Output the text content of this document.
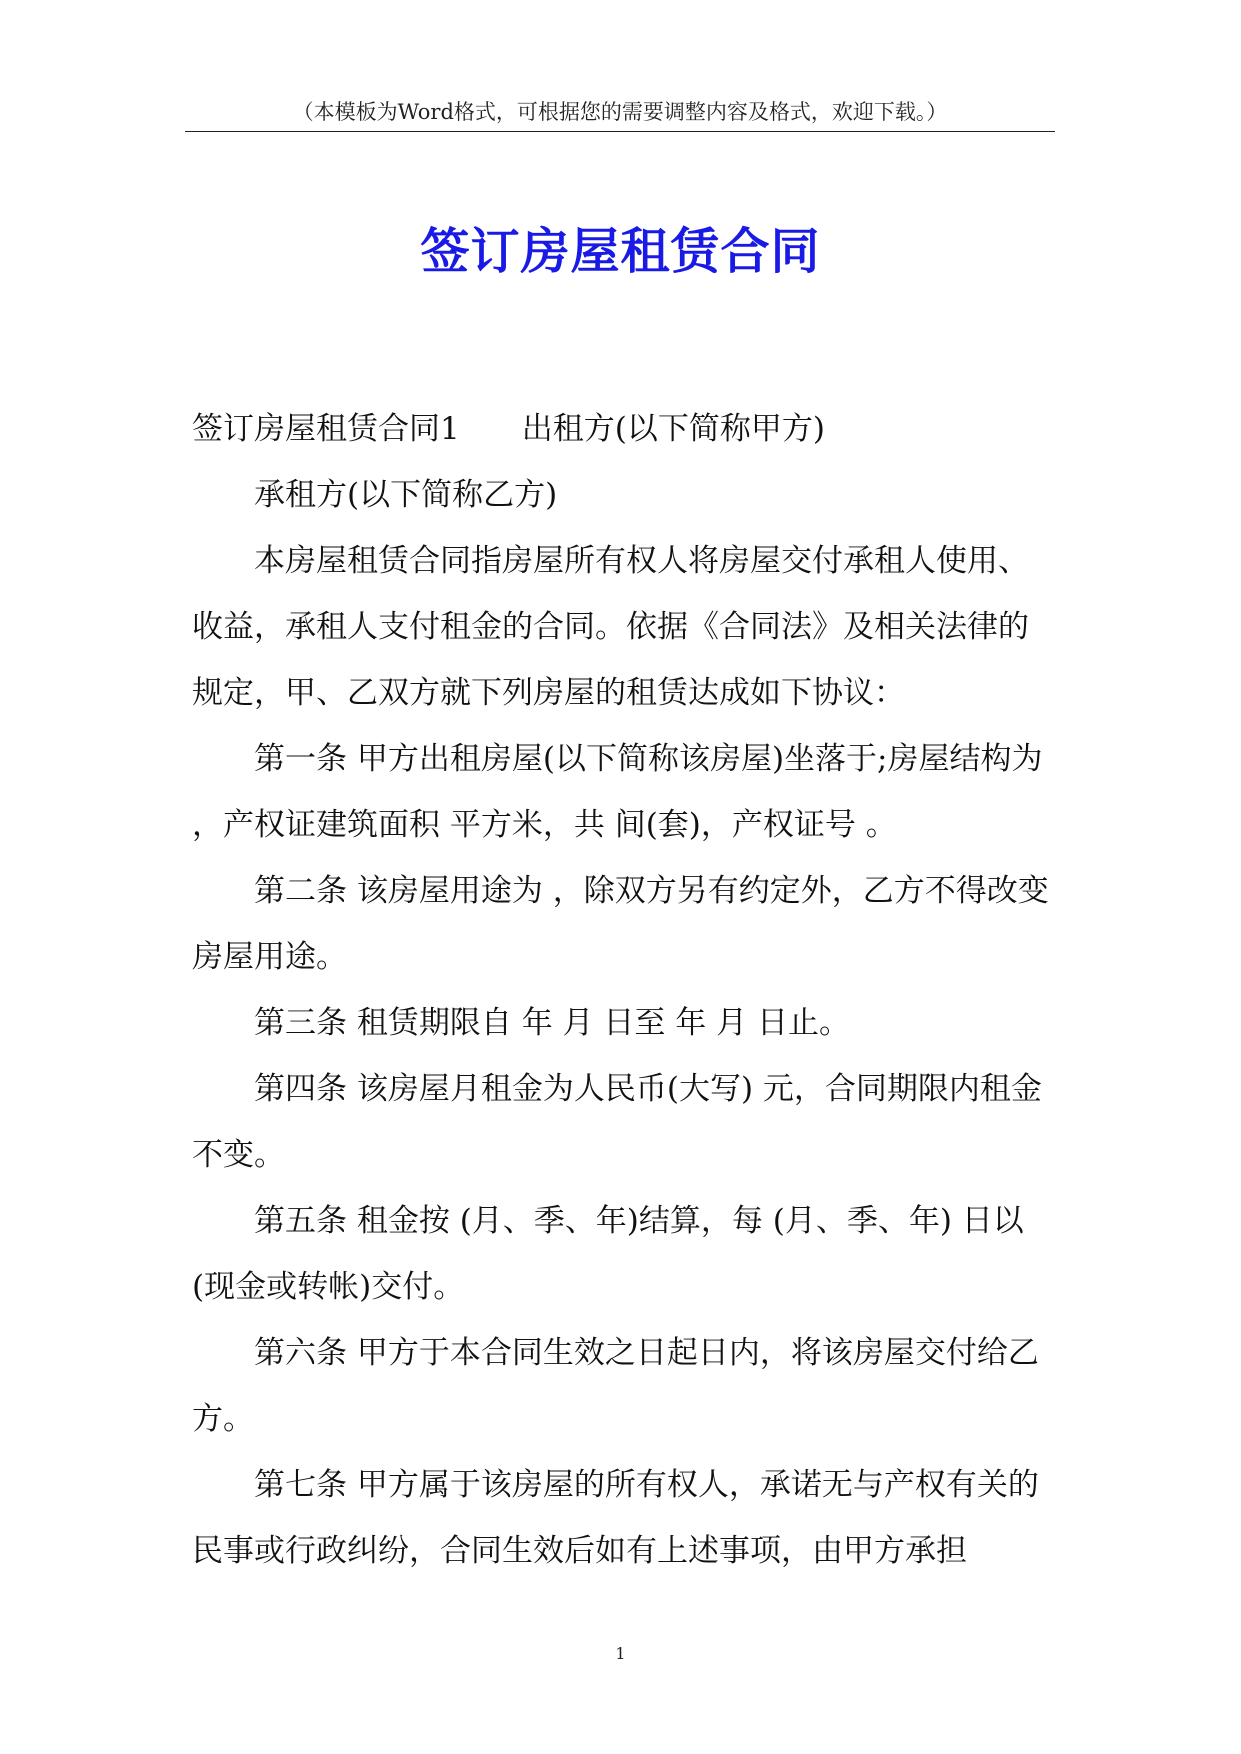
（本模板为Word格式，可根据您的需要调整内容及格式，欢迎下载。）
签订房屋租赁合同

签订房屋租赁合同1　　出租方(以下简称甲方)

承租方(以下简称乙方)

本房屋租赁合同指房屋所有权人将房屋交付承租人使用、收益，承租人支付租金的合同。依据《合同法》及相关法律的规定，甲、乙双方就下列房屋的租赁达成如下协议：

第一条 甲方出租房屋(以下简称该房屋)坐落于;房屋结构为 ，产权证建筑面积 平方米，共 间(套)，产权证号 。

第二条 该房屋用途为 ，除双方另有约定外，乙方不得改变房屋用途。

第三条 租赁期限自 年 月 日至 年 月 日止。

第四条 该房屋月租金为人民币(大写) 元，合同期限内租金不变。

第五条 租金按 (月、季、年)结算，每 (月、季、年) 日以 (现金或转帐)交付。

第六条 甲方于本合同生效之日起日内，将该房屋交付给乙方。

第七条 甲方属于该房屋的所有权人，承诺无与产权有关的民事或行政纠纷，合同生效后如有上述事项，由甲方承担

1
